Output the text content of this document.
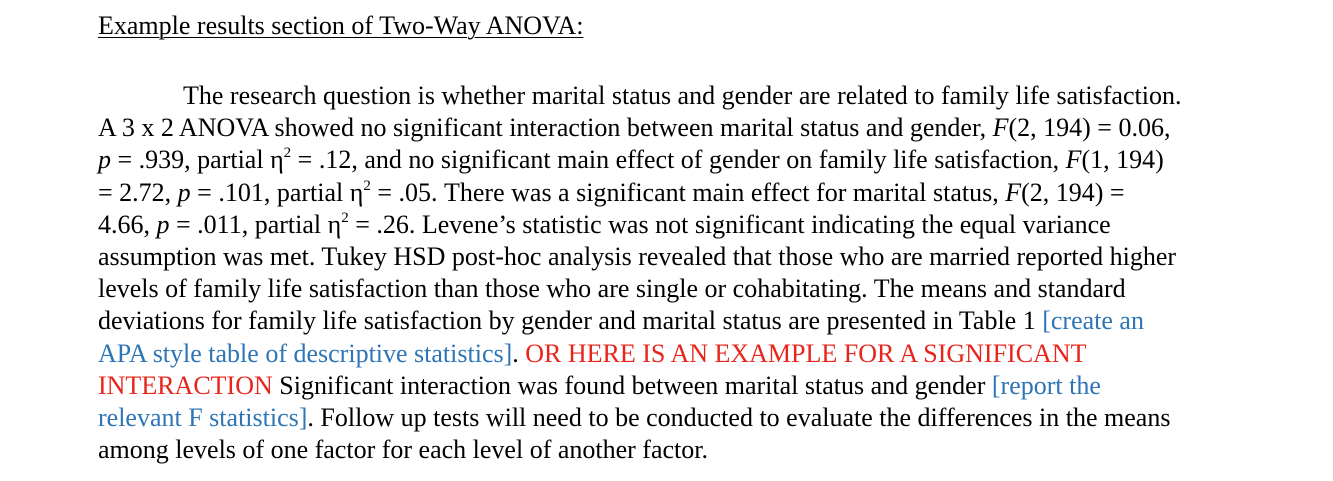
Example results section of Two-Way ANOVA:

The research question is whether marital status and gender are related to family life satisfaction.
A 3 x 2 ANOVA showed no significant interaction between marital status and gender, F(2, 194) = 0.06,
p = .939, partial $\eta^2 = .12$, and no significant main effect of gender on family life satisfaction, F(1, 194)
= 2.72, p = .101, partial $\eta^2 = .05$. There was a significant main effect for marital status, F(2, 194) =
4.66, p = .011, partial $\eta^2 = .26$. Levene’s statistic was not significant indicating the equal variance
assumption was met. Tukey HSD post-hoc analysis revealed that those who are married reported higher
levels of family life satisfaction than those who are single or cohabitating. The means and standard
deviations for family life satisfaction by gender and marital status are presented in Table 1 [create an
APA style table of descriptive statistics]. OR HERE IS AN EXAMPLE FOR A SIGNIFICANT
INTERACTION Significant interaction was found between marital status and gender [report the
relevant F statistics]. Follow up tests will need to be conducted to evaluate the differences in the means
among levels of one factor for each level of another factor.
